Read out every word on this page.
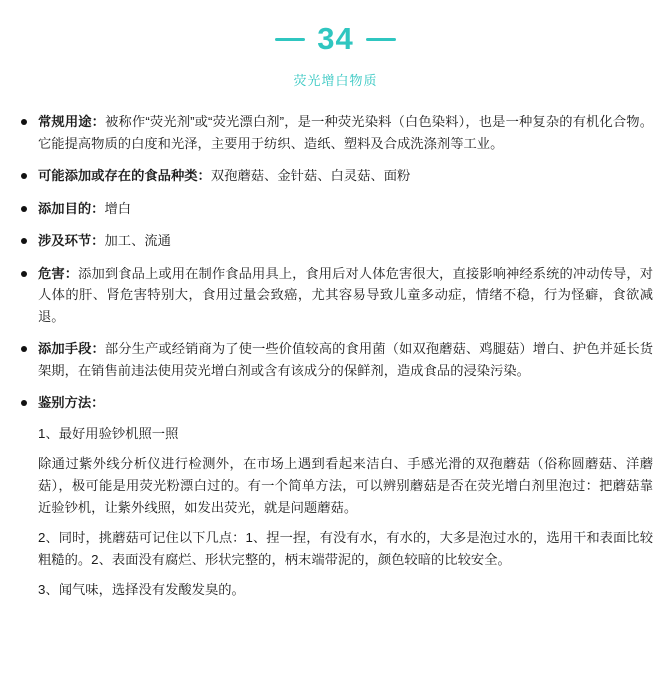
34
荧光增白物质
常规用途：被称作“荧光剂”或“荧光漂白剂”，是一种荧光染料（白色染料），也是一种复杂的有机化合物。它能提高物质的白度和光泽，主要用于纺织、造纸、塑料及合成洗涤剂等工业。
可能添加或存在的食品种类：双孢蘑菇、金针菇、白灵菇、面粉
添加目的：增白
涉及环节：加工、流通
危害：添加到食品上或用在制作食品用具上，食用后对人体危害很大，直接影响神经系统的冲动传导，对人体的肝、肾危害特别大，食用过量会致癌，尤其容易导致儿童多动症，情绪不稳，行为怪癖，食欲减退。
添加手段：部分生产或经销商为了使一些价值较高的食用菌（如双孢蘑菇、鸡腿菇）增白、护色并延长货架期，在销售前违法使用荧光增白剂或含有该成分的保鲜剂，造成食品的浸染污染。
鉴别方法：

1、最好用验钞机照一照

除通过紫外线分析仪进行检测外，在市场上遇到看起来洁白、手感光滑的双孢蘑菇（俗称圆蘑菇、洋蘑菇），极可能是用荧光粉漂白过的。有一个简单方法，可以辨别蘑菇是否在荧光增白剂里泡过：把蘑菇靠近验钞机，让紫外线照，如发出荧光，就是问题蘑菇。

2、同时，挑蘑菇可记住以下几点：1、捏一捏，有没有水，有水的，大多是泡过水的，选用干和表面比较粗糙的。2、表面没有腐烂、形状完整的，柄末端带泥的，颜色较暗的比较安全。

3、闻气味，选择没有发酸发臭的。
